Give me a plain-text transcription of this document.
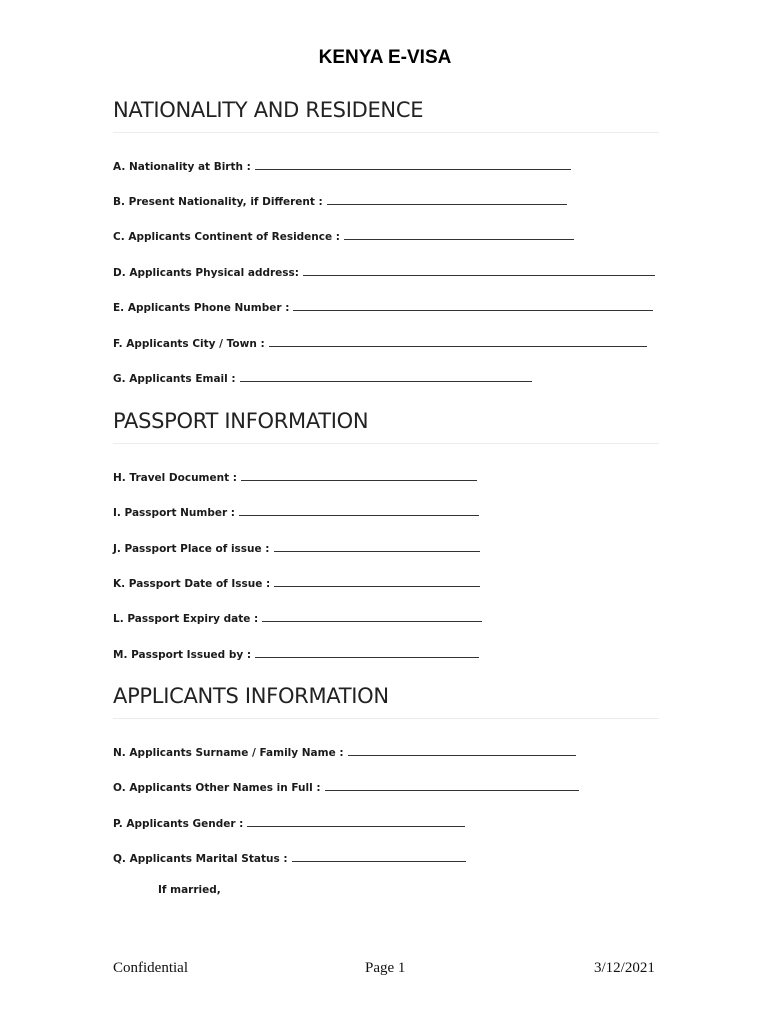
KENYA E-VISA
NATIONALITY AND RESIDENCE
A. Nationality at Birth :
B. Present Nationality, if Different :
C. Applicants Continent of Residence :
D. Applicants Physical address:
E. Applicants Phone Number :
F. Applicants City / Town :
G. Applicants Email :
PASSPORT INFORMATION
H. Travel Document :
I. Passport Number :
J. Passport Place of issue :
K. Passport Date of Issue :
L. Passport Expiry date :
M. Passport Issued by :
APPLICANTS INFORMATION
N. Applicants Surname / Family Name :
O. Applicants Other Names in Full :
P. Applicants Gender :
Q. Applicants Marital Status :
If married,
Confidential	Page 1	3/12/2021
